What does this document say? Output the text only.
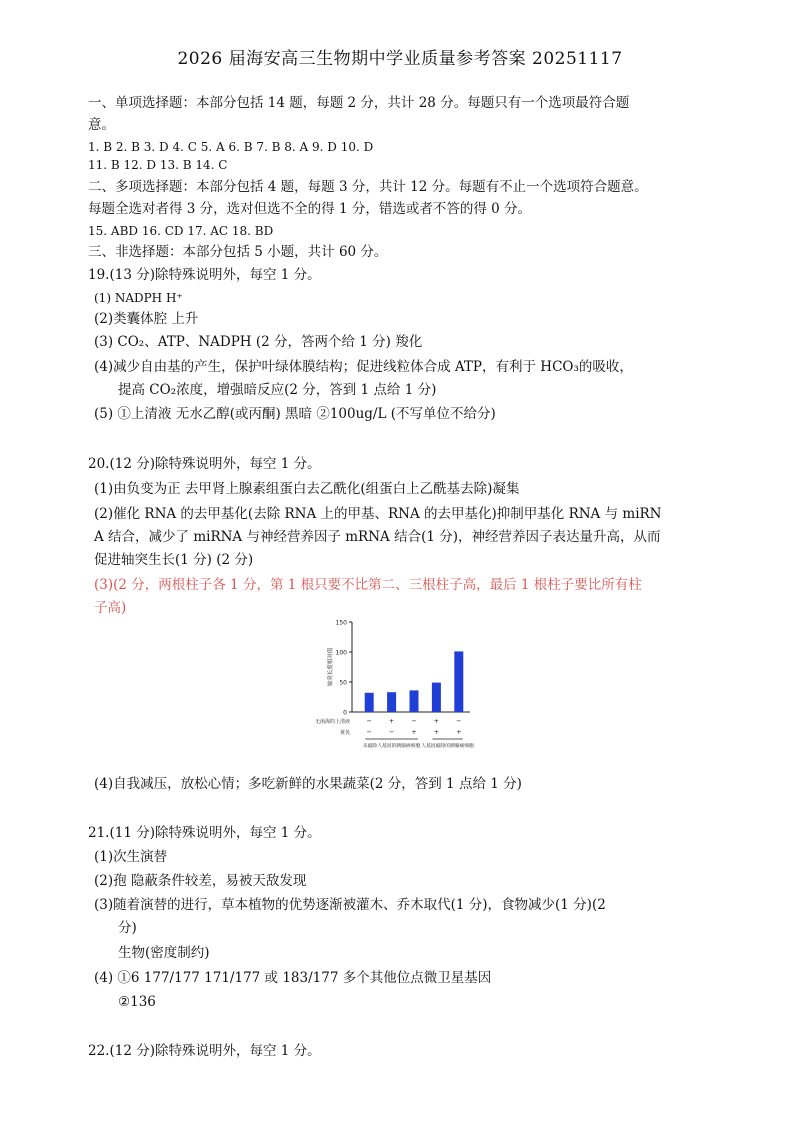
2026 届海安高三生物期中学业质量参考答案 20251117
一、单项选择题：本部分包括 14 题，每题 2 分，共计 28 分。每题只有一个选项最符合题
意。
1. B 2. B 3. D 4. C 5. A 6. B 7. B 8. A 9. D 10. D
11. B 12. D 13. B 14. C
二、多项选择题：本部分包括 4 题，每题 3 分，共计 12 分。每题有不止一个选项符合题意。
每题全选对者得 3 分，选对但选不全的得 1 分，错选或者不答的得 0 分。
15. ABD 16. CD 17. AC 18. BD
三、非选择题：本部分包括 5 小题，共计 60 分。
19.(13 分)除特殊说明外，每空 1 分。
(1) NADPH H⁺
(2)类囊体腔 上升
(3) CO₂、ATP、NADPH (2 分，答两个给 1 分) 羧化
(4)减少自由基的产生，保护叶绿体膜结构；促进线粒体合成 ATP，有利于 HCO₃的吸收，
提高 CO₂浓度，增强暗反应(2 分，答到 1 点给 1 分)
(5) ①上清液 无水乙醇(或丙酮) 黑暗 ②100ug/L (不写单位不给分)
20.(12 分)除特殊说明外，每空 1 分。
(1)由负变为正 去甲肾上腺素组蛋白去乙酰化(组蛋白上乙酰基去除)凝集
(2)催化 RNA 的去甲基化(去除 RNA 上的甲基、RNA 的去甲基化)抑制甲基化 RNA 与 miRN
A 结合，减少了 miRNA 与神经营养因子 mRNA 结合(1 分)，神经营养因子表达量升高，从而
促进轴突生长(1 分) (2 分)
(3)(2 分，两根柱子各 1 分，第 1 根只要不比第二、三根柱子高，最后 1 根柱子要比所有柱
子高)
0
50
100
150
轴突长度相对值
无菌海的上清液	−	+	−	+	−
黄芪	−	−	+	+	+
未敲除人基因的胰腺癌细胞 人基因敲除的胰腺癌细胞
(4)自我减压，放松心情；多吃新鲜的水果蔬菜(2 分，答到 1 点给 1 分)
21.(11 分)除特殊说明外，每空 1 分。
(1)次生演替
(2)孢 隐蔽条件较差，易被天敌发现
(3)随着演替的进行，草本植物的优势逐渐被灌木、乔木取代(1 分)，食物减少(1 分)(2
分)
生物(密度制约)
(4) ①6 177/177 171/177 或 183/177 多个其他位点微卫星基因
②136
22.(12 分)除特殊说明外，每空 1 分。
